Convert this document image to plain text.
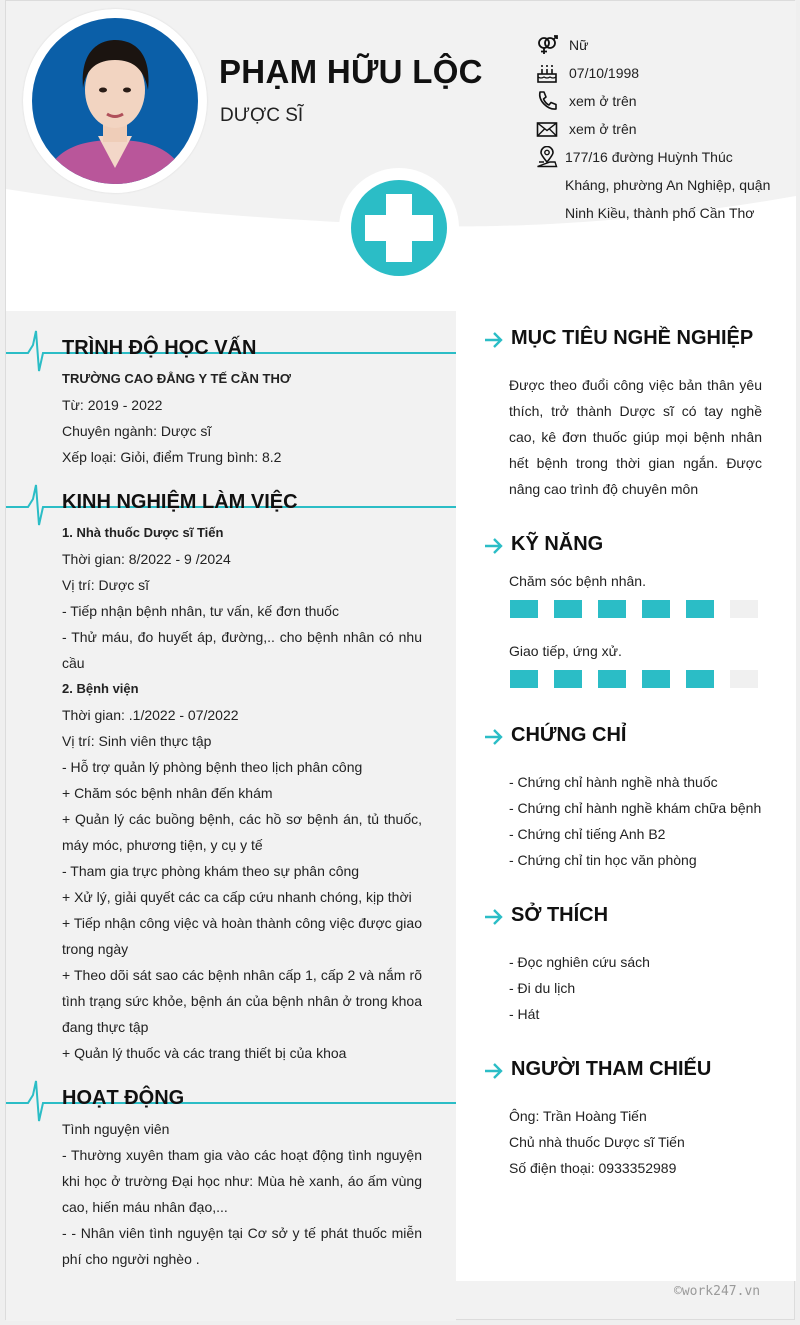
PHẠM HỮU LỘC
DƯỢC SĨ
Nữ
07/10/1998
xem ở trên
xem ở trên
177/16 đường Huỳnh Thúc Kháng, phường An Nghiệp, quận Ninh Kiều, thành phố Cần Thơ
TRÌNH ĐỘ HỌC VẤN

TRƯỜNG CAO ĐẲNG Y TẾ CẦN THƠ

Từ: 2019 - 2022

Chuyên ngành: Dược sĩ

Xếp loại: Giỏi, điểm Trung bình: 8.2

KINH NGHIỆM LÀM VIỆC

1. Nhà thuốc Dược sĩ Tiến

Thời gian: 8/2022 - 9 /2024

Vị trí: Dược sĩ

- Tiếp nhận bệnh nhân, tư vấn, kế đơn thuốc

- Thử máu, đo huyết áp, đường,.. cho bệnh nhân có nhu cầu

2. Bệnh viện

Thời gian: .1/2022 - 07/2022

Vị trí: Sinh viên thực tập

- Hỗ trợ quản lý phòng bệnh theo lịch phân công

+ Chăm sóc bệnh nhân đến khám

+ Quản lý các buồng bệnh, các hồ sơ bệnh án, tủ thuốc, máy móc, phương tiện, y cụ y tế

- Tham gia trực phòng khám theo sự phân công

+ Xử lý, giải quyết các ca cấp cứu nhanh chóng, kịp thời

+ Tiếp nhận công việc và hoàn thành công việc được giao trong ngày

+ Theo dõi sát sao các bệnh nhân cấp 1, cấp 2 và nắm rõ tình trạng sức khỏe, bệnh án của bệnh nhân ở trong khoa đang thực tập

+ Quản lý thuốc và các trang thiết bị của khoa

HOẠT ĐỘNG

Tình nguyện viên

- Thường xuyên tham gia vào các hoạt động tình nguyện khi học ở trường Đại học như: Mùa hè xanh, áo ấm vùng cao, hiến máu nhân đạo,...

- - Nhân viên tình nguyện tại Cơ sở y tế phát thuốc miễn phí cho người nghèo .

MỤC TIÊU NGHỀ NGHIỆP
Được theo đuổi công việc bản thân yêu thích, trở thành Dược sĩ có tay nghề cao, kê đơn thuốc giúp mọi bệnh nhân hết bệnh trong thời gian ngắn. Được nâng cao trình độ chuyên môn
KỸ NĂNG
Chăm sóc bệnh nhân.
Giao tiếp, ứng xử.
CHỨNG CHỈ

- Chứng chỉ hành nghề nhà thuốc

- Chứng chỉ hành nghề khám chữa bệnh

- Chứng chỉ tiếng Anh B2

- Chứng chỉ tin học văn phòng

SỞ THÍCH

- Đọc nghiên cứu sách

- Đi du lịch

- Hát

NGƯỜI THAM CHIẾU

Ông: Trần Hoàng Tiến

Chủ nhà thuốc Dược sĩ Tiến

Số điện thoại: 0933352989

©work247.vn
